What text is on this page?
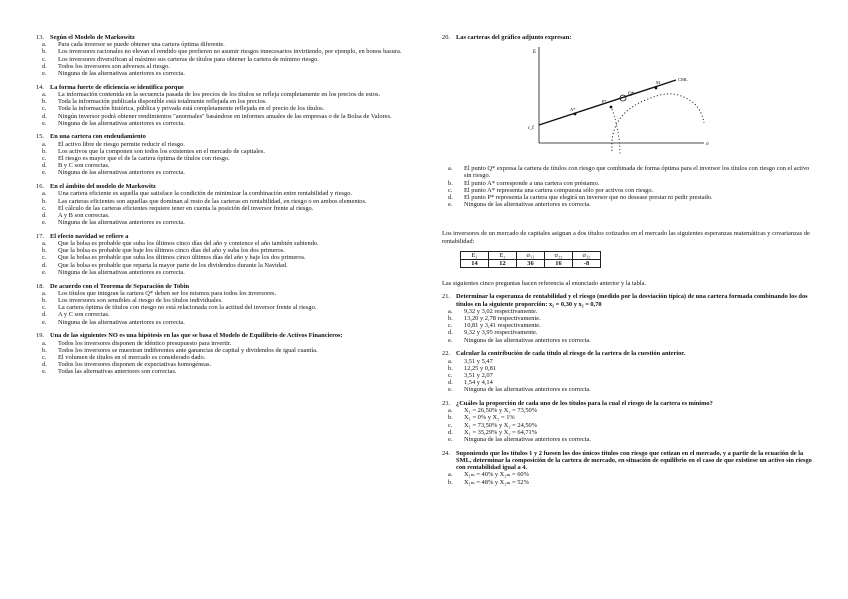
13. Según el Modelo de Markowitz
a.	Para cada inversor se puede obtener una cartera óptima diferente.
b.	Los inversores racionales no elevan el rendido que prefieren no asumir riesgos innecesarios invirtiendo, por ejemplo, en bonos basura.
c.	Los inversores diversifican al máximo sus carteras de títulos para obtener la cartera de mínimo riesgo.
d.	Todos los inversores son adversos al riesgo.
e.	Ninguna de las alternativas anteriores es correcta.
14. La forma fuerte de eficiencia se identifica porque
a.	La información contenida en la secuencia pasada de los precios de los títulos se refleja completamente en los precios de estos.
b.	Toda la información publicada disponible está totalmente reflejada en los precios.
c.	Toda la información histórica, pública y privada está completamente reflejada en el precio de los títulos.
d.	Ningún inversor podrá obtener rendimientos "anormales" basándose en informes anuales de las empresas o de la Bolsa de Valores.
e.	Ninguna de las alternativas anteriores es correcta.
15. En una cartera con endeudamiento
a.	El activo libre de riesgo permite reducir el riesgo.
b.	Los activos que la componen son todos los existentes en el mercado de capitales.
c.	El riesgo es mayor que el de la cartera óptima de títulos con riesgo.
d.	B y C son correctas.
e.	Ninguna de las alternativas anteriores es correcta.
16. En el ámbito del modelo de Markowitz
a.	Una cartera eficiente es aquella que satisface la condición de minimizar la combinación entre rentabilidad y riesgo.
b.	Las carteras eficientes son aquellas que dominan al resto de las carteras en rentabilidad, en riesgo o en ambos elementos.
c.	El cálculo de las carteras eficientes requiere tener en cuenta la posición del inversor frente al riesgo.
d.	A y B son correctas.
e.	Ninguna de las alternativas anteriores es correcta.
17. El efecto navidad se refiere a
a.	Que la bolsa es probable que suba los últimos cinco días del año y comience el año también subiendo.
b.	Que la bolsa es probable que baje los últimos cinco días del año y suba los dos primeros.
c.	Que la bolsa es probable que suba los últimos cinco últimos días del año y baje los dos primeros.
d.	Que la bolsa es probable que reparta la mayor parte de los dividendos durante la Navidad.
e.	Ninguna de las alternativas anteriores es correcta.
18. De acuerdo con el Teorema de Separación de Tobin
a.	Los títulos que integran la cartera Q* deben ser los mismos para todos los inversores.
b.	Los inversores son sensibles al riesgo de los títulos individuales.
c.	La cartera óptima de títulos con riesgo no está relacionada con la actitud del inversor frente al riesgo.
d.	A y C son correctas.
e.	Ninguna de las alternativas anteriores es correcta.
19. Una de las siguientes NO es una hipótesis en las que se basa el Modelo de Equilibrio de Activos Financieros:
a.	Todos los inversores disponen de idéntico presupuesto para invertir.
b.	Todos los inversores se muestran indiferentes ante ganancias de capital y dividendos de igual cuantía.
c.	El volumen de títulos en el mercado es considerado dado.
d.	Todos los inversores disponen de expectativas homogéneas.
e.	Todas las alternativas anteriores son correctas.
20. Las carteras del gráfico adjunto expresan:
E
r_f
Q*
A*
P*
M
CML
σ
a.	El punto Q* expresa la cartera de títulos con riesgo que combinada de forma óptima para el inversor los títulos con riesgo con el activo sin riesgo.
b.	El punto A* corresponde a una cartera con préstamo.
c.	El punto A* representa una cartera compuesta sólo por activos con riesgo.
d.	El punto P* representa la cartera que elegirá un inversor que no desease prestar ni pedir prestado.
e.	Ninguna de las alternativas anteriores es correcta.
Los inversores de un mercado de capitales asignan a dos títulos cotizados en el mercado las siguientes esperanzas matemáticas y covarianzas de rentabilidad:
E₁	E₂	σ₁₁	σ₂₂	σ₁₂
14	12	36	16	-8
Las siguientes cinco preguntas hacen referencia al enunciado anterior y la tabla.
21. Determinar la esperanza de rentabilidad y el riesgo (medido por la desviación típica) de una cartera formada combinando los dos títulos en la siguiente proporción: x₁ = 0,30 y x₂ = 0,70
a.	9,32 y 3,02 respectivamente.
b.	13,20 y 2,78 respectivamente.
c.	10,81 y 3,41 respectivamente.
d.	9,32 y 3,95 respectivamente.
e.	Ninguna de las alternativas anteriores es correcta.
22. Calcular la contribución de cada título al riesgo de la cartera de la cuestión anterior.
a.	3,51 y 5,47
b.	12,25 y 0,81
c.	3,51 y 2,07
d.	1,54 y 4,14
e.	Ninguna de las alternativas anteriores es correcta.
23. ¿Cuáles la proporción de cada uno de los títulos para la cual el riesgo de la cartera es mínimo?
a.	X₁ = 26,50% y X₂ = 73,50%
b.	X₁ = 0% y X₂ = 1%
c.	X₁ = 73,50% y X₂ = 24,50%
d.	X₁ = 35,29% y X₂ = 64,71%
e.	Ninguna de las alternativas anteriores es correcta.
24. Suponiendo que los títulos 1 y 2 fuesen los dos únicos títulos con riesgo que cotizan en el mercado, y a partir de la ecuación de la SML, determinar la composición de la cartera de mercado, en situación de equilibrio en el caso de que existiese un activo sin riesgo con rentabilidad igual a 4.
a.	X₁ₘ = 40% y X₂ₘ = 60%
b.	X₁ₘ = 48% y X₂ₘ = 52%
